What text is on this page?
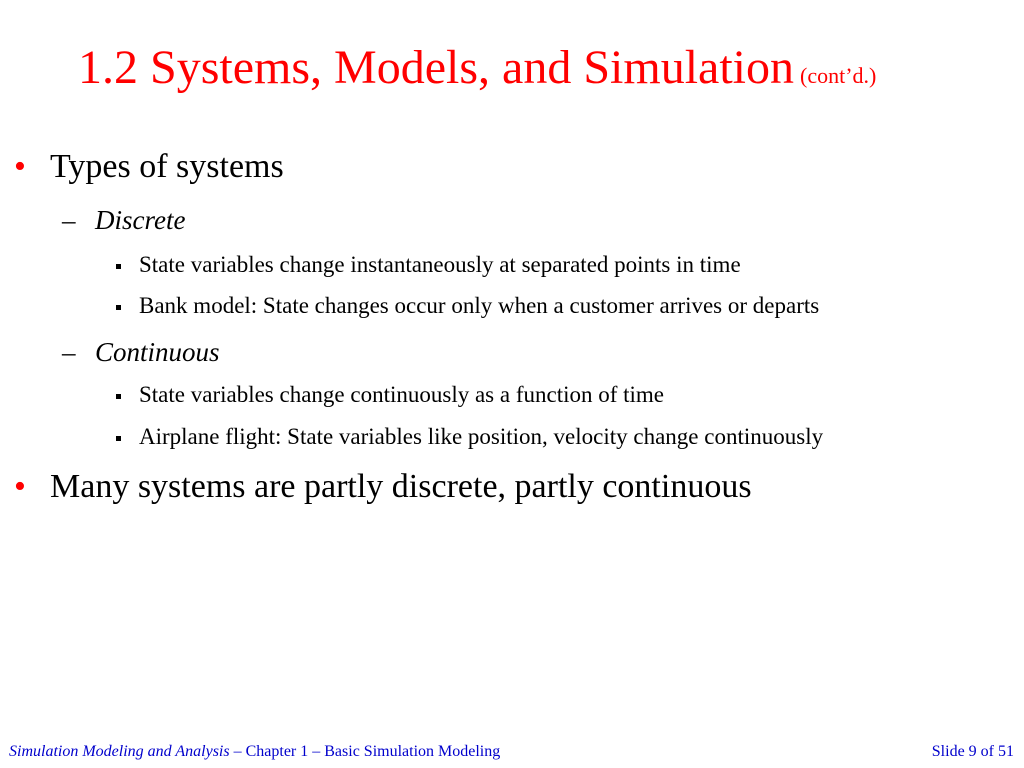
1.2 Systems, Models, and Simulation (cont’d.)
• Types of systems
– Discrete
State variables change instantaneously at separated points in time
Bank model: State changes occur only when a customer arrives or departs
– Continuous
State variables change continuously as a function of time
Airplane flight: State variables like position, velocity change continuously
• Many systems are partly discrete, partly continuous
Simulation Modeling and Analysis – Chapter 1 – Basic Simulation Modeling	Slide 9 of 51
